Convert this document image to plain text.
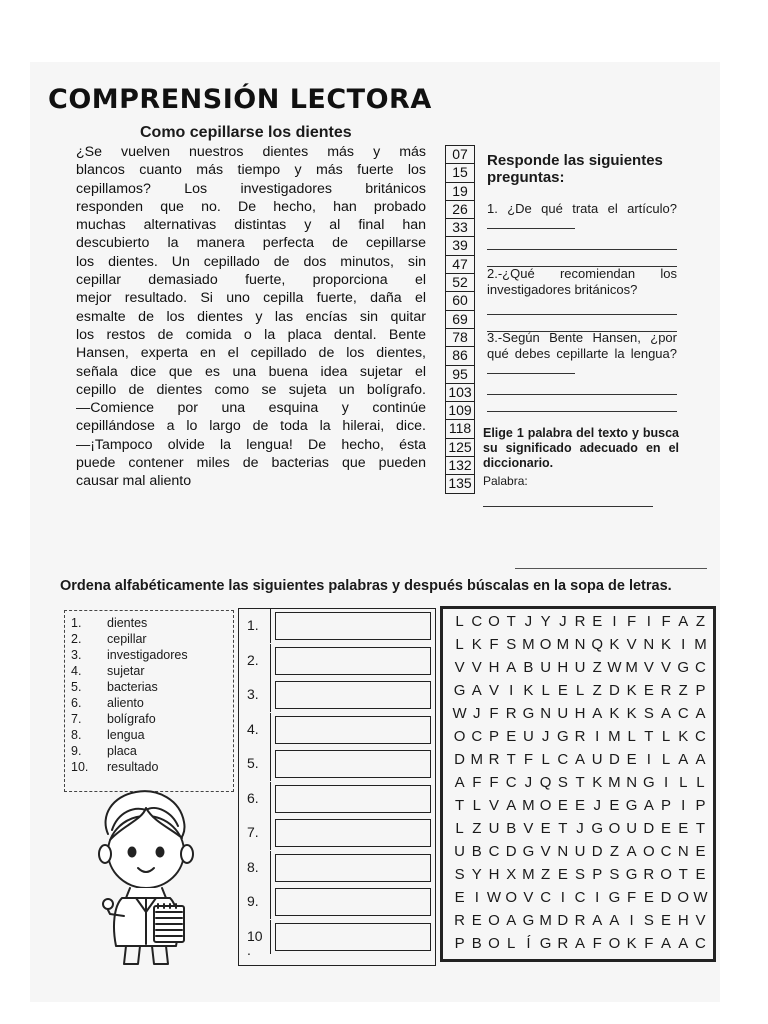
COMPRENSIÓN LECTORA
Como cepillarse los dientes
¿Se vuelven nuestros dientes más y más
blancos cuanto más tiempo y más fuerte los
cepillamos? Los investigadores británicos
responden que no. De hecho, han probado
muchas alternativas distintas y al final han
descubierto la manera perfecta de cepillarse
los dientes. Un cepillado de dos minutos, sin
cepillar demasiado fuerte, proporciona el
mejor resultado. Si uno cepilla fuerte, daña el
esmalte de los dientes y las encías sin quitar
los restos de comida o la placa dental. Bente
Hansen, experta en el cepillado de los dientes,
señala dice que es una buena idea sujetar el
cepillo de dientes como se sujeta un bolígrafo.
—Comience por una esquina y continúe
cepillándose a lo largo de toda la hilerai, dice.
—¡Tampoco olvide la lengua! De hecho, ésta
puede contener miles de bacterias que pueden
causar mal aliento
07
15
19
26
33
39
47
52
60
69
78
86
95
103
109
118
125
132
135
Responde las siguientes preguntas:
1. ¿De qué trata el artículo?
2.-¿Qué recomiendan los investigadores británicos?
3.-Según Bente Hansen, ¿por qué debes cepillarte la lengua?
Elige 1 palabra del texto y busca su significado adecuado en el diccionario.
Palabra:
Ordena alfabéticamente las siguientes palabras y después búscalas en la sopa de letras.
1. dientes
2. cepillar
3. investigadores
4. sujetar
5. bacterias
6. aliento
7. bolígrafo
8. lengua
9. placa
10. resultado
1.
2.
3.
4.
5.
6.
7.
8.
9.
10
.
L C O T J Y J R E I F I F A Z
L K F S M O M N Q K V N K I M
V V H A B U H U Z W M V V G C
G A V I K L E L Z D K E R Z P
W J F R G N U H A K K S A C A
O C P E U J G R I M L T L K C
D M R T F L C A U D E I L A A
A F F C J Q S T K M N G I L L
T L V A M O E E J E G A P I P
L Z U B V E T J G O U D E E T
U B C D G V N U D Z A O C N E
S Y H X M Z E S P S G R O T E
E I W O V C I C I G F E D O W
R E O A G M D R A A I S E H V
P B O L Í G R A F O K F A A C
